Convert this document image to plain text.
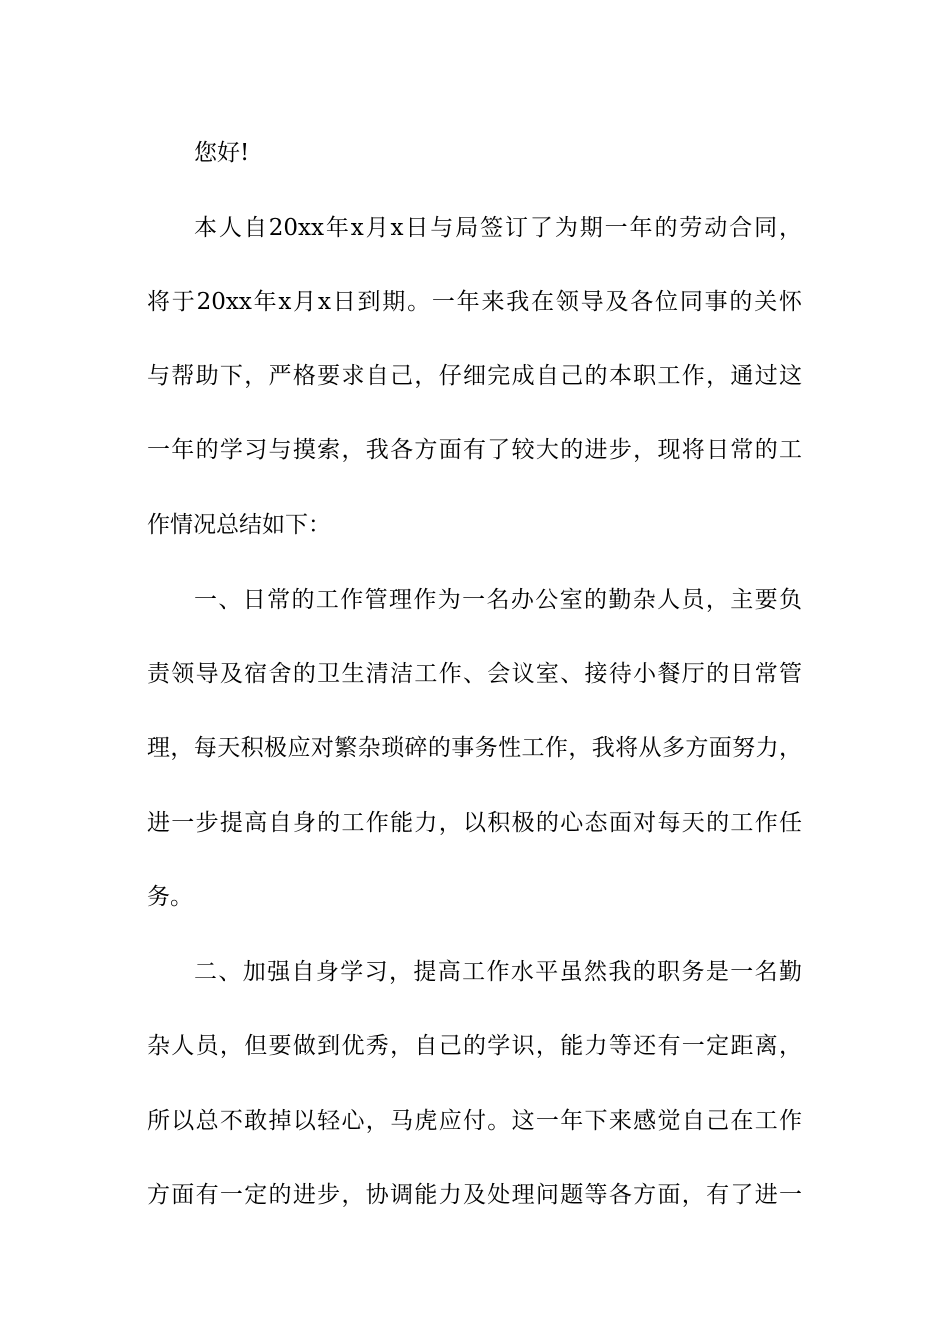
您好!
本人自20xx年x月x日与局签订了为期一年的劳动合同，
将于20xx年x月x日到期。一年来我在领导及各位同事的关怀
与帮助下，严格要求自己，仔细完成自己的本职工作，通过这
一年的学习与摸索，我各方面有了较大的进步，现将日常的工
作情况总结如下：
一、日常的工作管理作为一名办公室的勤杂人员，主要负
责领导及宿舍的卫生清洁工作、会议室、接待小餐厅的日常管
理，每天积极应对繁杂琐碎的事务性工作，我将从多方面努力，
进一步提高自身的工作能力，以积极的心态面对每天的工作任
务。
二、加强自身学习，提高工作水平虽然我的职务是一名勤
杂人员，但要做到优秀，自己的学识，能力等还有一定距离，
所以总不敢掉以轻心，马虎应付。这一年下来感觉自己在工作
方面有一定的进步，协调能力及处理问题等各方面，有了进一
